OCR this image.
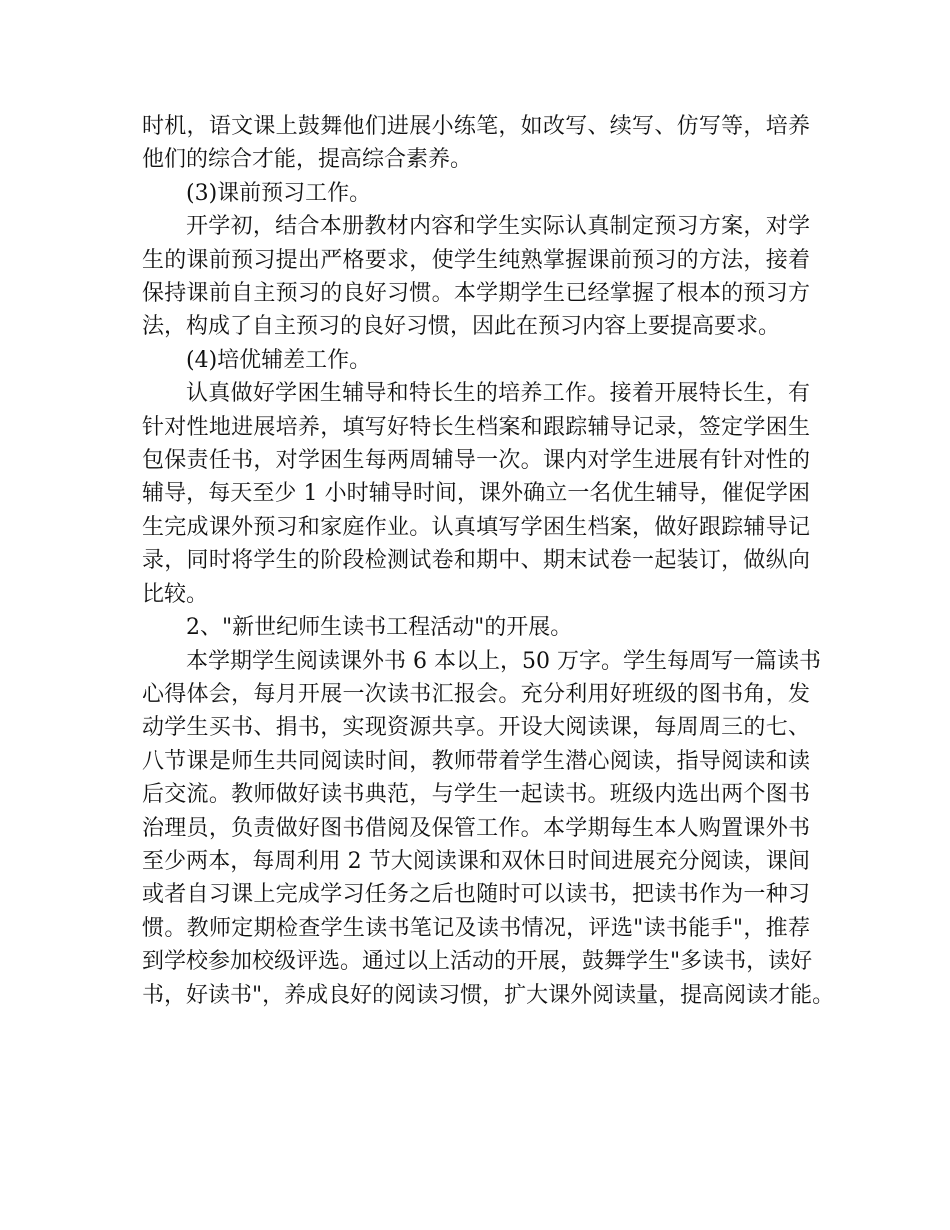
时机，语文课上鼓舞他们进展小练笔，如改写、续写、仿写等，培养
他们的综合才能，提高综合素养。

(3)课前预习工作。

开学初，结合本册教材内容和学生实际认真制定预习方案，对学
生的课前预习提出严格要求，使学生纯熟掌握课前预习的方法，接着
保持课前自主预习的良好习惯。本学期学生已经掌握了根本的预习方
法，构成了自主预习的良好习惯，因此在预习内容上要提高要求。

(4)培优辅差工作。

认真做好学困生辅导和特长生的培养工作。接着开展特长生，有
针对性地进展培养，填写好特长生档案和跟踪辅导记录，签定学困生
包保责任书，对学困生每两周辅导一次。课内对学生进展有针对性的
辅导，每天至少 1 小时辅导时间，课外确立一名优生辅导，催促学困
生完成课外预习和家庭作业。认真填写学困生档案，做好跟踪辅导记
录，同时将学生的阶段检测试卷和期中、期末试卷一起装订，做纵向
比较。

2、"新世纪师生读书工程活动"的开展。

本学期学生阅读课外书 6 本以上，50 万字。学生每周写一篇读书
心得体会，每月开展一次读书汇报会。充分利用好班级的图书角，发
动学生买书、捐书，实现资源共享。开设大阅读课，每周周三的七、
八节课是师生共同阅读时间，教师带着学生潜心阅读，指导阅读和读
后交流。教师做好读书典范，与学生一起读书。班级内选出两个图书
治理员，负责做好图书借阅及保管工作。本学期每生本人购置课外书
至少两本，每周利用 2 节大阅读课和双休日时间进展充分阅读，课间
或者自习课上完成学习任务之后也随时可以读书，把读书作为一种习
惯。教师定期检查学生读书笔记及读书情况，评选"读书能手"，推荐
到学校参加校级评选。通过以上活动的开展，鼓舞学生"多读书，读好
书，好读书"，养成良好的阅读习惯，扩大课外阅读量，提高阅读才能。
